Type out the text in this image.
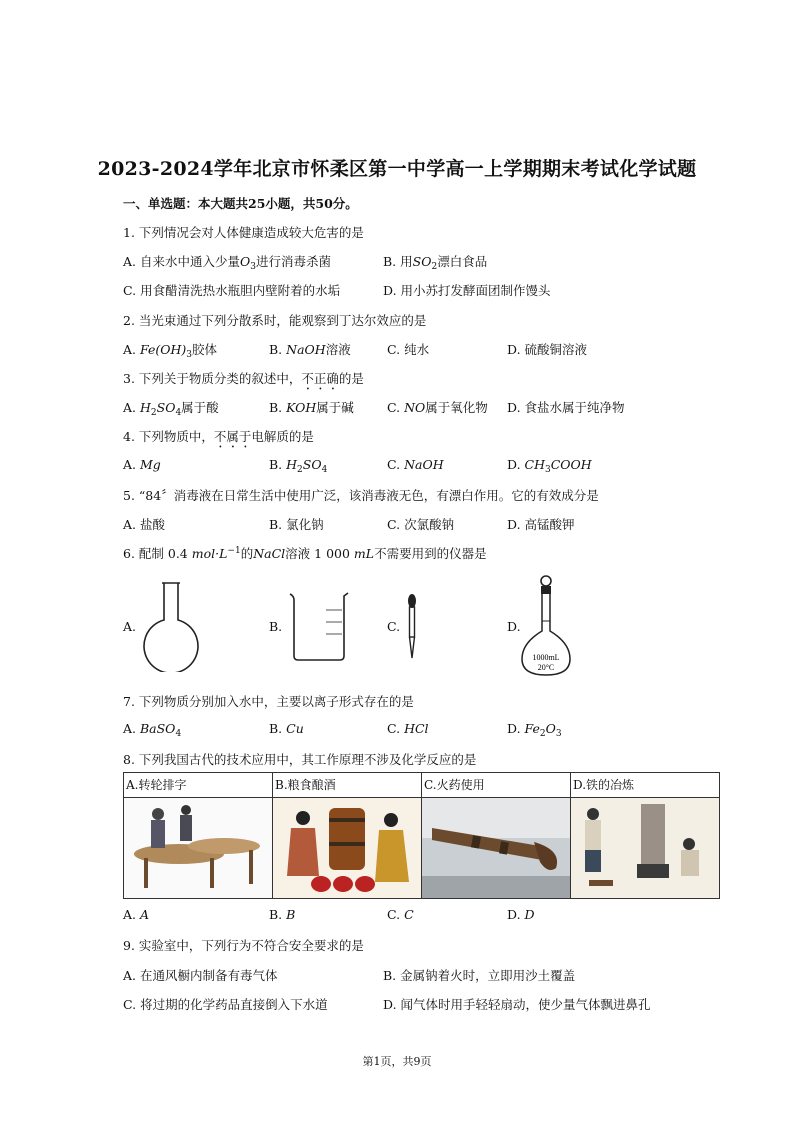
2023-2024学年北京市怀柔区第一中学高一上学期期末考试化学试题
一、单选题：本大题共25小题，共50分。
1. 下列情况会对人体健康造成较大危害的是
A. 自来水中通入少量$O_3$进行消毒杀菌	B. 用$SO_2$漂白食品
C. 用食醋清洗热水瓶胆内壁附着的水垢	D. 用小苏打发酵面团制作馒头
2. 当光束通过下列分散系时，能观察到丁达尔效应的是
A. $Fe(OH)_3$胶体	B. NaOH溶液	C. 纯水	D. 硫酸铜溶液
3. 下列关于物质分类的叙述中，不正确的是
A. $H_2SO_4$属于酸	B. KOH属于碱	C. NO属于氧化物 D. 食盐水属于纯净物
4. 下列物质中，不属于电解质的是
A. Mg	B. $H_2SO_4$	C. NaOH	D. $CH_3COOH$
5. “84〞消毒液在日常生活中使用广泛，该消毒液无色，有漂白作用。它的有效成分是
A. 盐酸	B. 氯化钠	C. 次氯酸钠	D. 高锰酸钾
6. 配制 0.4 $mol\cdot L^{-1}$的NaCl溶液 1 000 mL不需要用到的仪器是
A.	B.	C.	D.
1000mL
20°C
7. 下列物质分别加入水中，主要以离子形式存在的是
A. BaSO$_4$	B. Cu	C. HCl	D. $Fe_2O_3$
8. 下列我国古代的技术应用中，其工作原理不涉及化学反应的是
A.转轮排字	B.粮食酿酒	C.火药使用	D.铁的冶炼
A. A	B. B	C. C	D. D
9. 实验室中，下列行为不符合安全要求的是
A. 在通风橱内制备有毒气体	B. 金属钠着火时，立即用沙土覆盖
C. 将过期的化学药品直接倒入下水道	D. 闻气体时用手轻轻扇动，使少量气体飘进鼻孔
第1页，共9页
